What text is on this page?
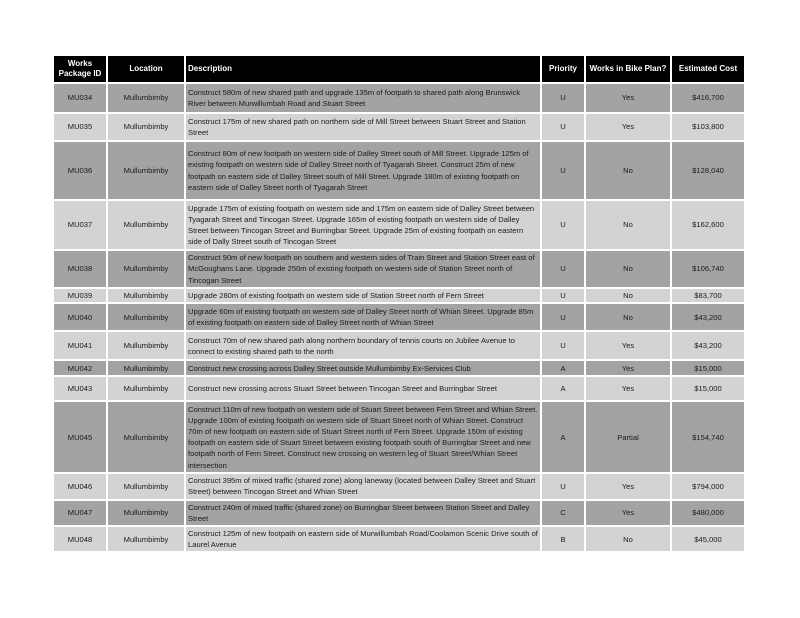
Works Package ID	Location	Description	Priority	Works in Bike Plan?	Estimated Cost
MU034	Mullumbimby	Construct 580m of new shared path and upgrade 135m of footpath to shared path along Brunswick River between Murwillumbah Road and Stuart Street	U	Yes	$416,700
MU035	Mullumbimby	Construct 175m of new shared path on northern side of Mill Street between Stuart Street and Station Street	U	Yes	$103,800
MU036	Mullumbimby	Construct 80m of new footpath on western side of Dalley Street south of Mill Street. Upgrade 125m of existing footpath on western side of Dalley Street north of Tyagarah Street. Construct 25m of new footpath on eastern side of Dalley Street south of Mill Street. Upgrade 180m of existing footpath on eastern side of Dalley Street north of Tyagarah Street	U	No	$128,040
MU037	Mullumbimby	Upgrade 175m of existing footpath on western side and 175m on eastern side of Dalley Street between Tyagarah Street and Tincogan Street. Upgrade 165m of existing footpath on western side of Dalley Street between Tincogan Street and Burringbar Street. Upgrade 25m of existing footpath on eastern side of Dally Street south of Tincogan Street	U	No	$162,600
MU038	Mullumbimby	Construct 90m of new footpath on southern and western sides of Train Street and Station Street east of McGoughans Lane. Upgrade 250m of existing footpath on western side of Station Street north of Tincogan Street	U	No	$106,740
MU039	Mullumbimby	Upgrade 280m of existing footpath on western side of Station Street north of Fern Street	U	No	$83,700
MU040	Mullumbimby	Upgrade 60m of existing footpath on western side of Dalley Street north of Whian Street. Upgrade 85m of existing footpath on eastern side of Dalley Street north of Whian Street	U	No	$43,200
MU041	Mullumbimby	Construct 70m of new shared path along northern boundary of tennis courts on Jubilee Avenue to connect to existing shared path to the north	U	Yes	$43,200
MU042	Mullumbimby	Construct new crossing across Dalley Street outside Mullumbimby Ex-Services Club	A	Yes	$15,000
MU043	Mullumbimby	Construct new crossing across Stuart Street between Tincogan Street and Burringbar Street	A	Yes	$15,000
MU045	Mullumbimby	Construct 110m of new footpath on western side of Stuart Street between Fern Street and Whian Street. Upgrade 100m of existing footpath on western side of Stuart Street north of Whian Street. Construct 70m of new footpath on eastern side of Stuart Street north of Fern Street. Upgrade 150m of existing footpath on eastern side of Stuart Street between existing footpath south of Burringbar Street and new footpath north of Fern Street. Construct new crossing on western leg of Stuart Street/Whian Street intersection	A	Partial	$154,740
MU046	Mullumbimby	Construct 395m of mixed traffic (shared zone) along laneway (located between Dalley Street and Stuart Street) between Tincogan Street and Whian Street	U	Yes	$794,000
MU047	Mullumbimby	Construct 240m of mixed traffic (shared zone) on Burringbar Street between Station Street and Dalley Street	C	Yes	$480,000
MU048	Mullumbimby	Construct 125m of new footpath on eastern side of Murwillumbah Road/Coolamon Scenic Drive south of Laurel Avenue	B	No	$45,000
